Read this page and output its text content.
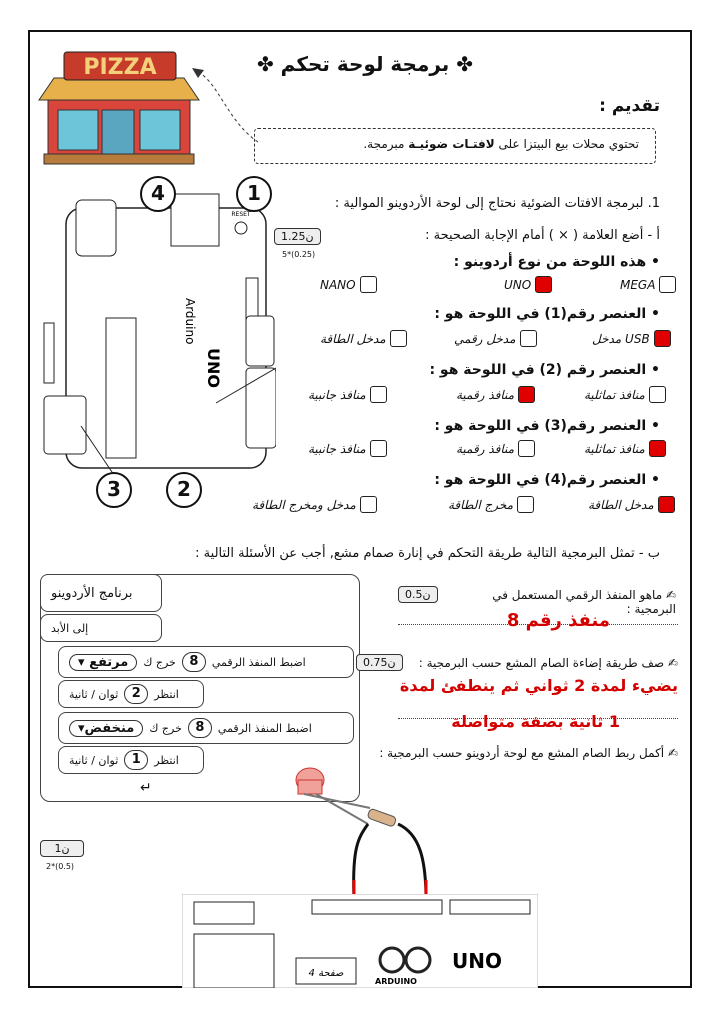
PIZZA	✤ برمجة لوحة تحكم ✤
تقديم :
تحتوي محلات بيع البيتزا على لافتـات ضوئيـة مبرمجة.
RESET
Arduino
UNO
1
2
3
4	1. لبرمجة الافتات الضوئية نحتاج إلى لوحة الأردوينو الموالية :
أ - أضع العلامة ( × ) أمام الإجابة الصحيحة :
1.25ن
5*(0.25)	• هذه اللوحة من نوع أردوينو :
MEGA
UNO
NANO
• العنصر رقم(1) في اللوحة هو :
مدخل USB
مدخل رقمي
مدخل الطاقة
• العنصر رقم (2) في اللوحة هو :
منافذ تماثلية
منافذ رقمية
منافذ جانبية
• العنصر رقم(3) في اللوحة هو :
منافذ تماثلية
منافذ رقمية
منافذ جانبية
• العنصر رقم(4) في اللوحة هو :
مدخل الطاقة
مخرج الطاقة
مدخل ومخرج الطاقة
ب - تمثل البرمجية التالية طريقة التحكم في إنارة صمام مشع, أجب عن الأسئلة التالية :
برنامج الأردوينو
إلى الأبد
اضبط المنفذ الرقمي
8
خرج ك
مرتفع ▾
انتظر
2
ثوان / ثانية
اضبط المنفذ الرقمي
8
خرج ك
منخفض▾
انتظر
1
ثوان / ثانية
↵
0.5ن	✍ ماهو المنفذ الرقمي المستعمل في البرمجية :
منفذ رقم 8
0.75ن	✍ صف طريقة إضاءة الصام المشع حسب البرمجية :
يضيء لمدة 2 ثواني ثم ينطفئ لمدة
1 ثانية بصفة متواصلة
✍ أكمل ربط الصام المشع مع لوحة أردوينو حسب البرمجية :
1ن
2*(0.5)
UNO
ARDUINO
صفحة 4
